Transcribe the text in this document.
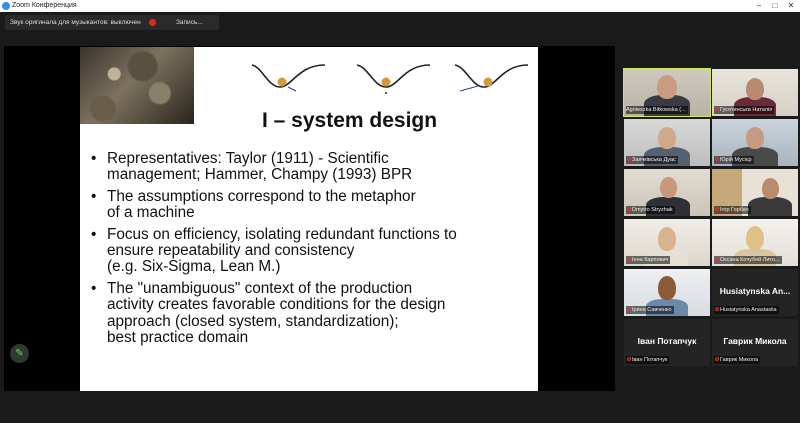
Zoom Конференция	–	□	✕
Звук оригинала для музыкантов: выключен	Запись...
I – system design
• Representatives: Taylor (1911) - Scientific
management; Hammer, Champy (1993) BPR
• The assumptions correspond to the metaphor
of a machine
• Focus on efficiency, isolating redundant functions to
ensure repeatability and consistency
(e.g. Six-Sigma, Lean M.)
• The "unambiguous" context of the production
activity creates favorable conditions for the design
approach (closed system, standardization);
best practice domain
✎
Agnieszka Bitkowska (...	⊘Гусятинська Наталія
⊘Заячківська Дуас	⊘Юрій Мусієр
⊘Dmytro Stryzhak	⊘Ігор Горбач
⊘Інна Карпович	⊘Оксана Кочубей Лито...
⊘Ірина Савченко
Husiatynska An...
⊘Husiatynska Anastasiia
Іван Потапчук
⊘Іван Потапчук
Гаврик Микола
⊘Гаврик Микола
